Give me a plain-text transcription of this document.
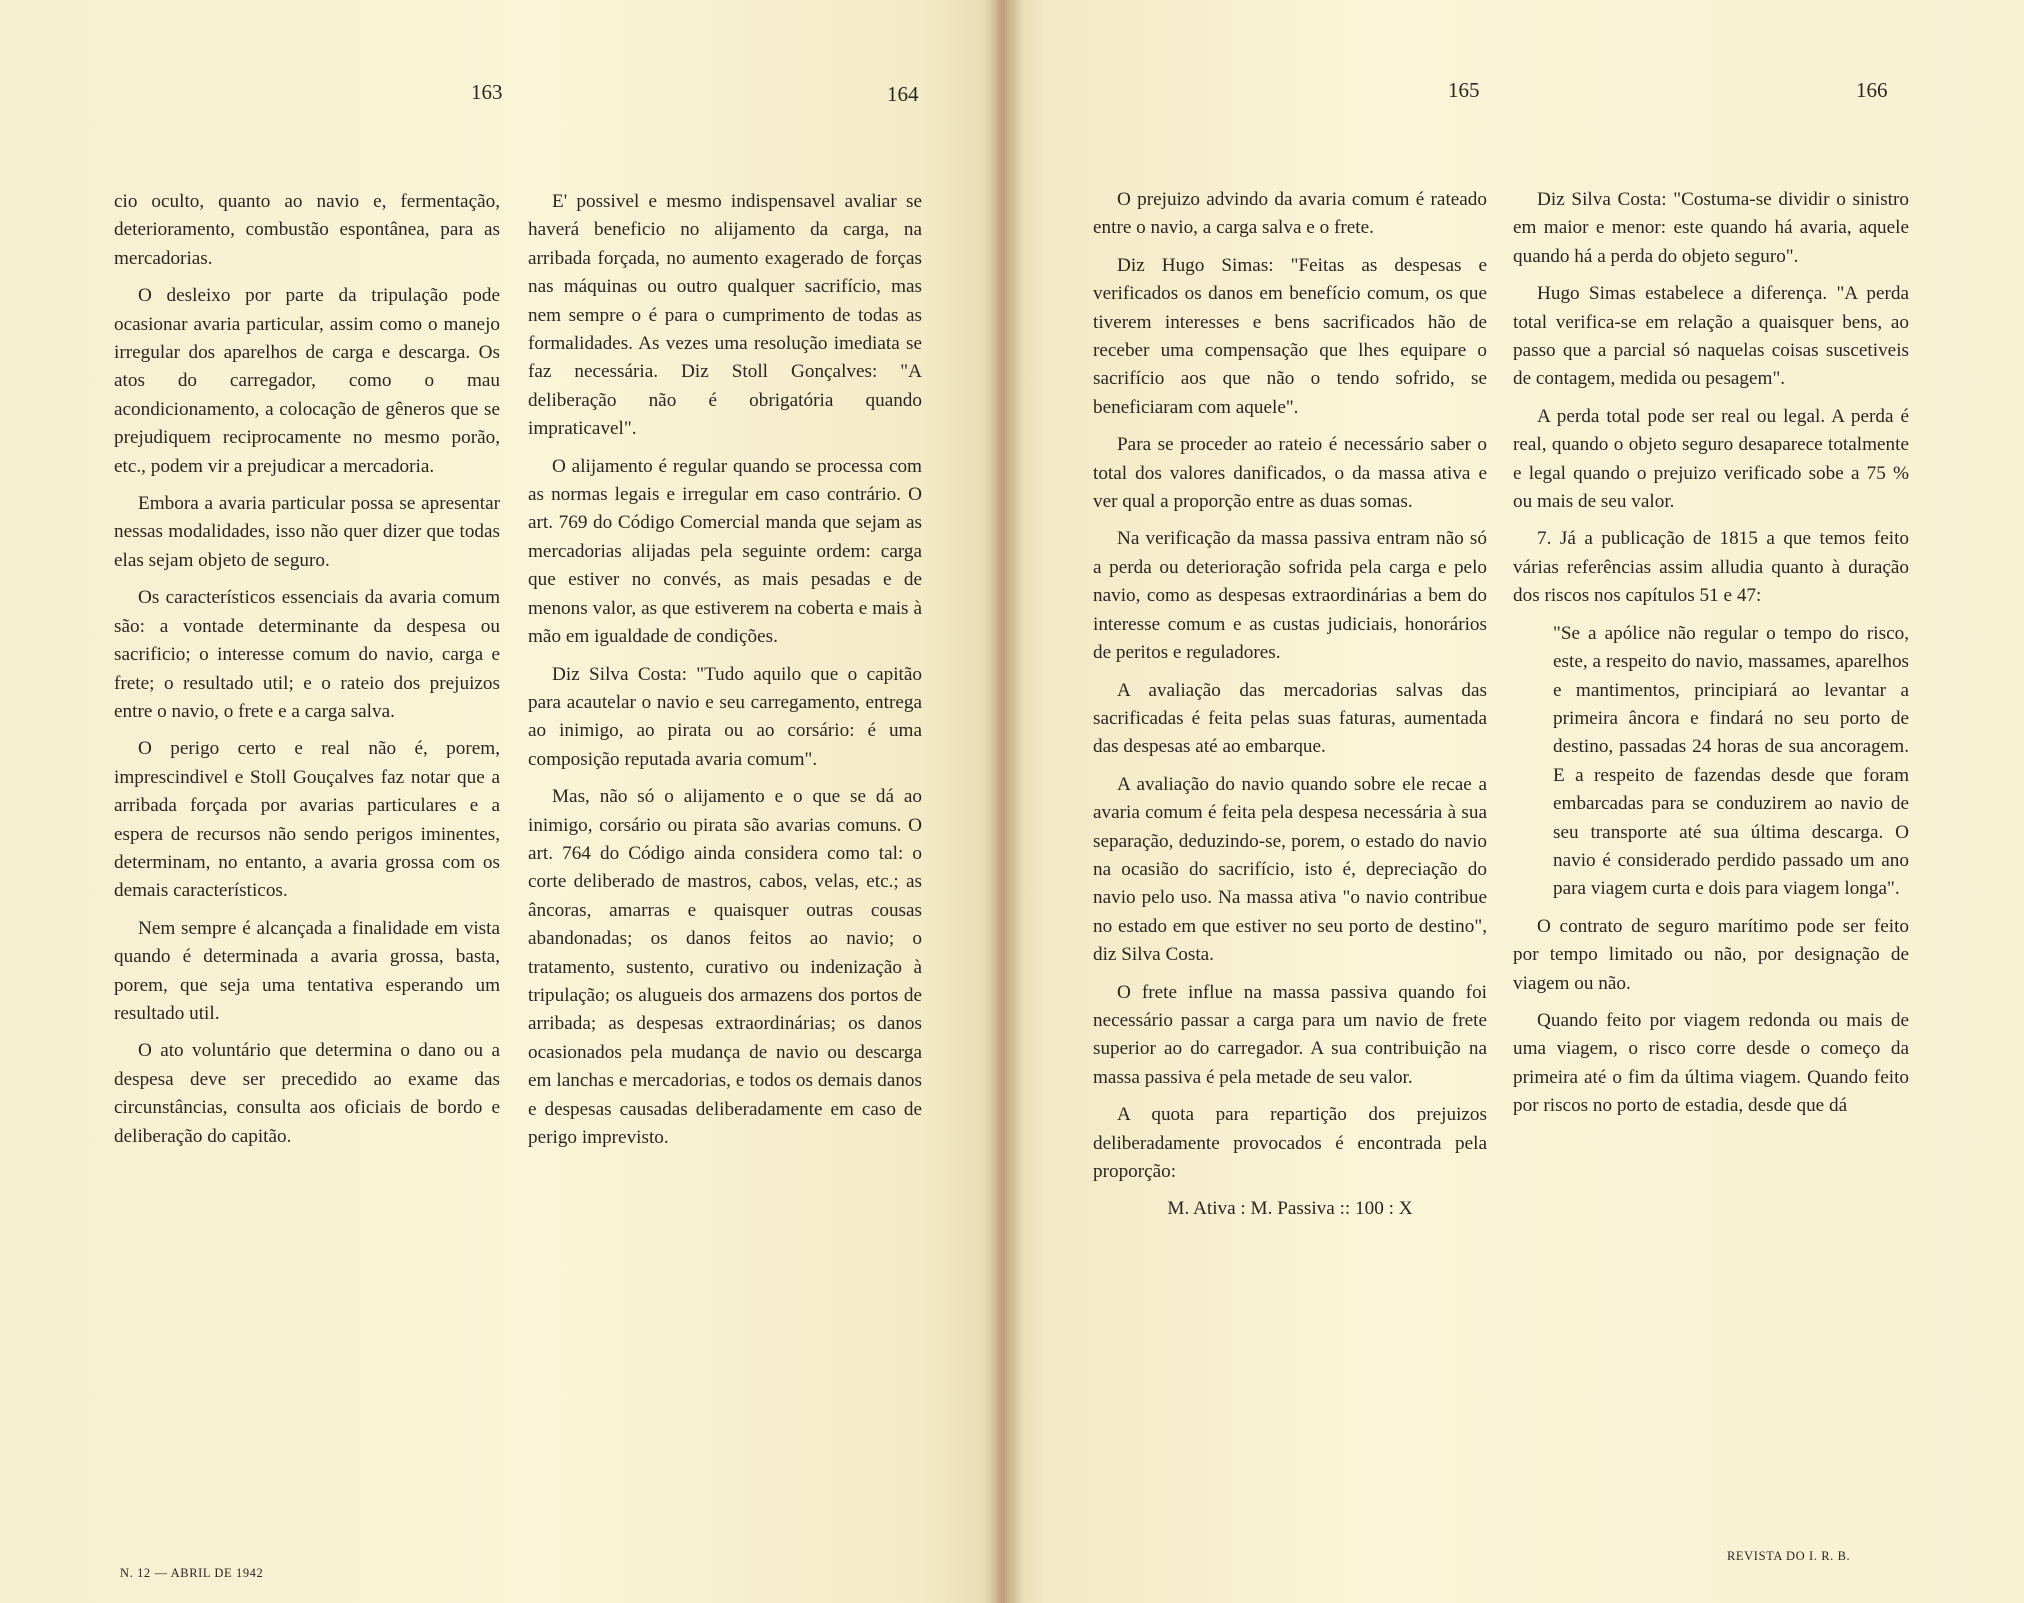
163	164

cio oculto, quanto ao navio e, fermentação, deterioramento, combustão espontânea, para as mercadorias.

O desleixo por parte da tripulação pode ocasionar avaria particular, assim como o manejo irregular dos aparelhos de carga e descarga. Os atos do carregador, como o mau acondicionamento, a colocação de gêneros que se prejudiquem reciprocamente no mesmo porão, etc., podem vir a prejudicar a mercadoria.

Embora a avaria particular possa se apresentar nessas modalidades, isso não quer dizer que todas elas sejam objeto de seguro.

Os característicos essenciais da avaria comum são: a vontade determinante da despesa ou sacrificio; o interesse comum do navio, carga e frete; o resultado util; e o rateio dos prejuizos entre o navio, o frete e a carga salva.

O perigo certo e real não é, porem, imprescindivel e Stoll Gouçalves faz notar que a arribada forçada por avarias particulares e a espera de recursos não sendo perigos iminentes, determinam, no entanto, a avaria grossa com os demais característicos.

Nem sempre é alcançada a finalidade em vista quando é determinada a avaria grossa, basta, porem, que seja uma tentativa esperando um resultado util.

O ato voluntário que determina o dano ou a despesa deve ser precedido ao exame das circunstâncias, consulta aos oficiais de bordo e deliberação do capitão.

E' possivel e mesmo indispensavel avaliar se haverá beneficio no alijamento da carga, na arribada forçada, no aumento exagerado de forças nas máquinas ou outro qualquer sacrifício, mas nem sempre o é para o cumprimento de todas as formalidades. As vezes uma resolução imediata se faz necessária. Diz Stoll Gonçalves: "A deliberação não é obrigatória quando impraticavel".

O alijamento é regular quando se processa com as normas legais e irregular em caso contrário. O art. 769 do Código Comercial manda que sejam as mercadorias alijadas pela seguinte ordem: carga que estiver no convés, as mais pesadas e de menons valor, as que estiverem na coberta e mais à mão em igualdade de condições.

Diz Silva Costa: "Tudo aquilo que o capitão para acautelar o navio e seu carregamento, entrega ao inimigo, ao pirata ou ao corsário: é uma composição reputada avaria comum".

Mas, não só o alijamento e o que se dá ao inimigo, corsário ou pirata são avarias comuns. O art. 764 do Código ainda considera como tal: o corte deliberado de mastros, cabos, velas, etc.; as âncoras, amarras e quaisquer outras cousas abandonadas; os danos feitos ao navio; o tratamento, sustento, curativo ou indenização à tripulação; os alugueis dos armazens dos portos de arribada; as despesas extraordinárias; os danos ocasionados pela mudança de navio ou descarga em lanchas e mercadorias, e todos os demais danos e despesas causadas deliberadamente em caso de perigo imprevisto.

N. 12 — ABRIL DE 1942
165	166

O prejuizo advindo da avaria comum é rateado entre o navio, a carga salva e o frete.

Diz Hugo Simas: "Feitas as despesas e verificados os danos em benefício comum, os que tiverem interesses e bens sacrificados hão de receber uma compensação que lhes equipare o sacrifício aos que não o tendo sofrido, se beneficiaram com aquele".

Para se proceder ao rateio é necessário saber o total dos valores danificados, o da massa ativa e ver qual a proporção entre as duas somas.

Na verificação da massa passiva entram não só a perda ou deterioração sofrida pela carga e pelo navio, como as despesas extraordinárias a bem do interesse comum e as custas judiciais, honorários de peritos e reguladores.

A avaliação das mercadorias salvas das sacrificadas é feita pelas suas faturas, aumentada das despesas até ao embarque.

A avaliação do navio quando sobre ele recae a avaria comum é feita pela despesa necessária à sua separação, deduzindo-se, porem, o estado do navio na ocasião do sacrifício, isto é, depreciação do navio pelo uso. Na massa ativa "o navio contribue no estado em que estiver no seu porto de destino", diz Silva Costa.

O frete influe na massa passiva quando foi necessário passar a carga para um navio de frete superior ao do carregador. A sua contribuição na massa passiva é pela metade de seu valor.

A quota para repartição dos prejuizos deliberadamente provocados é encontrada pela proporção:

M. Ativa : M. Passiva :: 100 : X

Diz Silva Costa: "Costuma-se dividir o sinistro em maior e menor: este quando há avaria, aquele quando há a perda do objeto seguro".

Hugo Simas estabelece a diferença. "A perda total verifica-se em relação a quaisquer bens, ao passo que a parcial só naquelas coisas suscetiveis de contagem, medida ou pesagem".

A perda total pode ser real ou legal. A perda é real, quando o objeto seguro desaparece totalmente e legal quando o prejuizo verificado sobe a 75 % ou mais de seu valor.

7. Já a publicação de 1815 a que temos feito várias referências assim alludia quanto à duração dos riscos nos capítulos 51 e 47:

"Se a apólice não regular o tempo do risco, este, a respeito do navio, massames, aparelhos e mantimentos, principiará ao levantar a primeira âncora e findará no seu porto de destino, passadas 24 horas de sua ancoragem. E a respeito de fazendas desde que foram embarcadas para se conduzirem ao navio de seu transporte até sua última descarga. O navio é considerado perdido passado um ano para viagem curta e dois para viagem longa".

O contrato de seguro marítimo pode ser feito por tempo limitado ou não, por designação de viagem ou não.

Quando feito por viagem redonda ou mais de uma viagem, o risco corre desde o começo da primeira até o fim da última viagem. Quando feito por riscos no porto de estadia, desde que dá

REVISTA DO I. R. B.
